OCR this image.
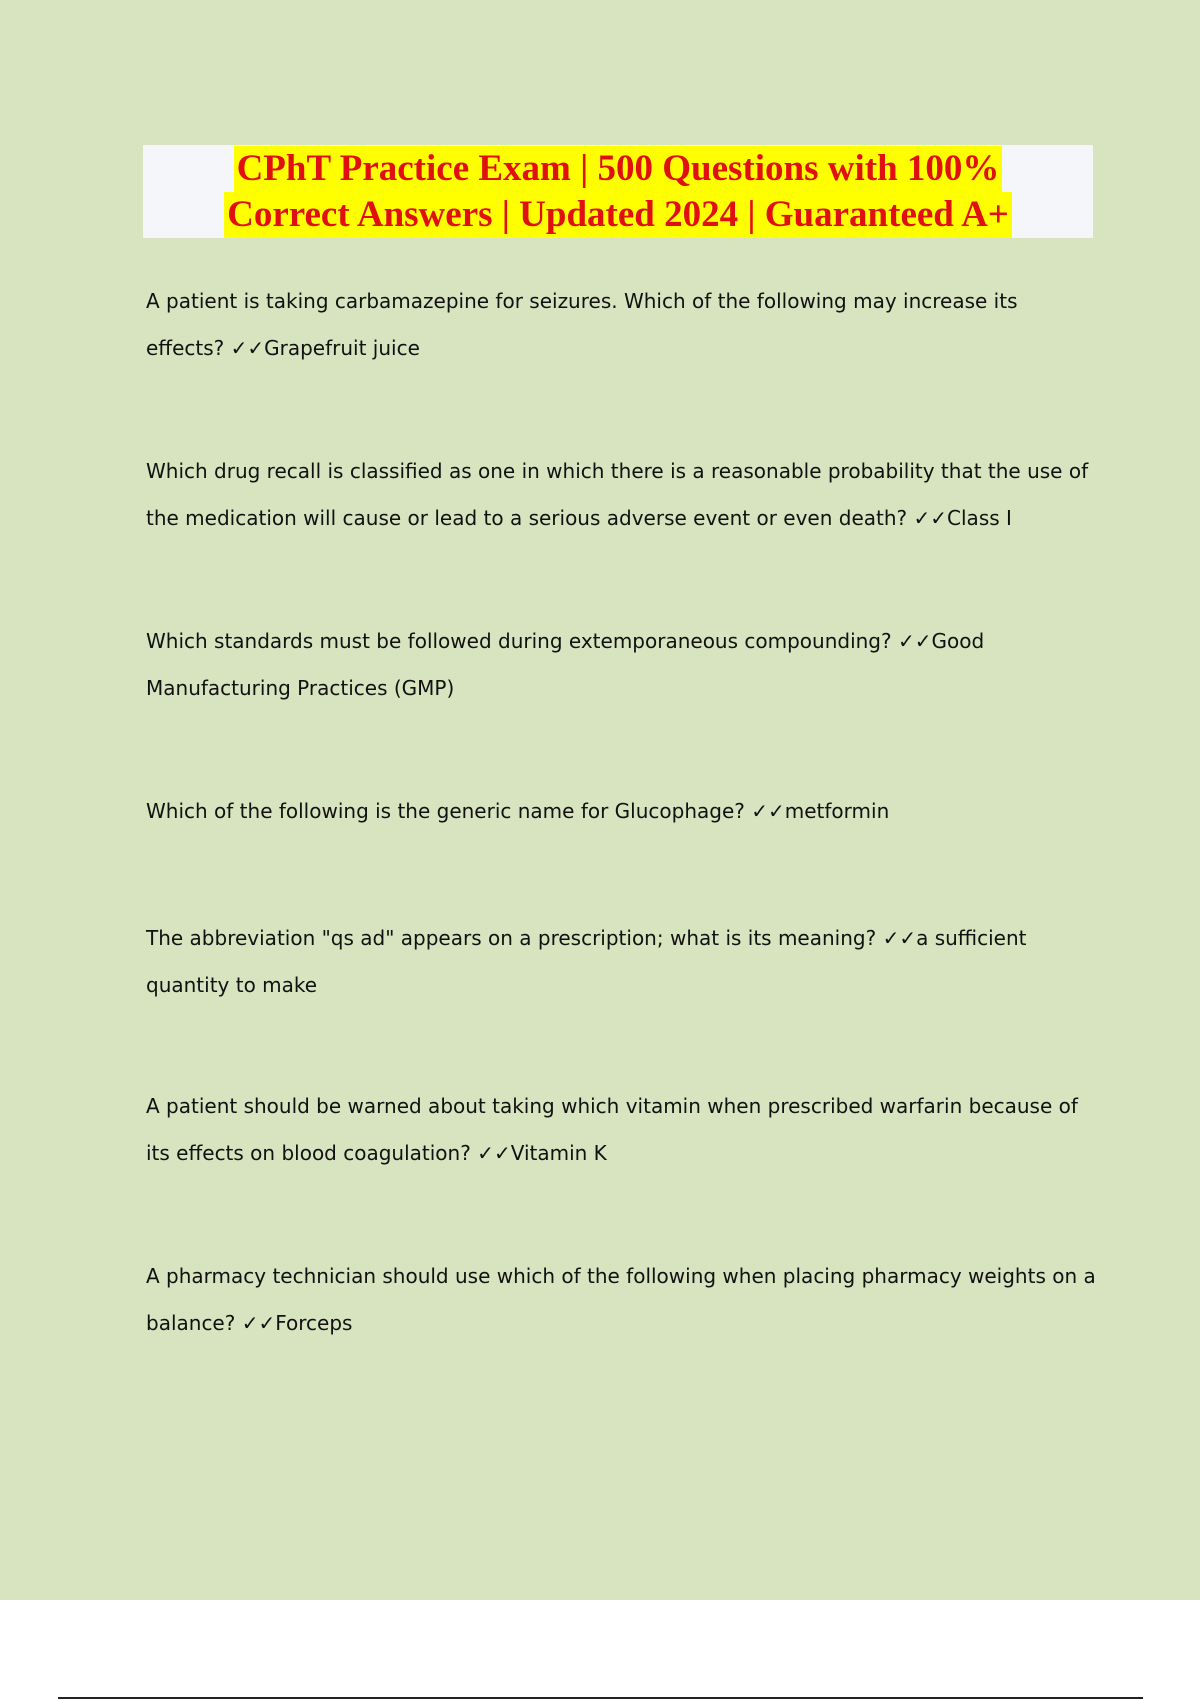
CPhT Practice Exam | 500 Questions with 100%
Correct Answers | Updated 2024 | Guaranteed A+
A patient is taking carbamazepine for seizures. Which of the following may increase its effects? ✓✓Grapefruit juice
Which drug recall is classified as one in which there is a reasonable probability that the use of the medication will cause or lead to a serious adverse event or even death? ✓✓Class I
Which standards must be followed during extemporaneous compounding? ✓✓Good Manufacturing Practices (GMP)
Which of the following is the generic name for Glucophage? ✓✓metformin
The abbreviation "qs ad" appears on a prescription; what is its meaning? ✓✓a sufficient quantity to make
A patient should be warned about taking which vitamin when prescribed warfarin because of its effects on blood coagulation? ✓✓Vitamin K
A pharmacy technician should use which of the following when placing pharmacy weights on a balance? ✓✓Forceps
